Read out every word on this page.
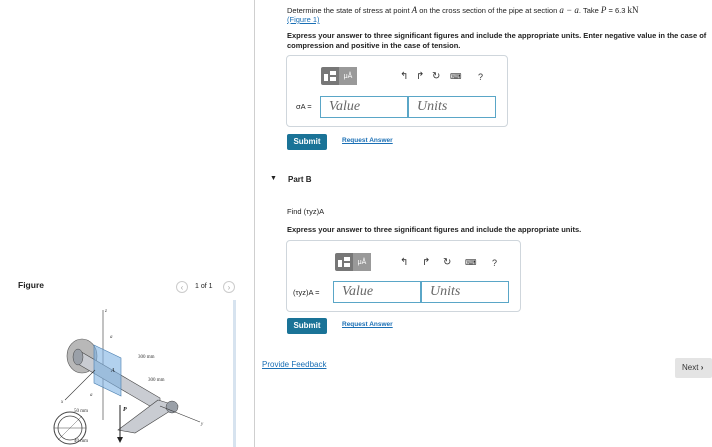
Determine the state of stress at point A on the cross section of the pipe at section a − a. Take P = 6.3 kN
(Figure 1)
Express your answer to three significant figures and include the appropriate units. Enter negative value in the case of compression and positive in the case of tension.
μÅ	↰ ↱ ↻ ⌨ ?
σA =	Value	Units
Submit	Request Answer
▼ Part B
Find (τyz)A
Express your answer to three significant figures and include the appropriate units.
μÅ	↰ ↱ ↻ ⌨ ?
(τyz)A =	Value	Units
Submit	Request Answer
Provide Feedback	Next ›
Figure	‹	1 of 1	›
300 mm
300 mm
50 mm
40 mm
a
a
A
P
x
y
z
